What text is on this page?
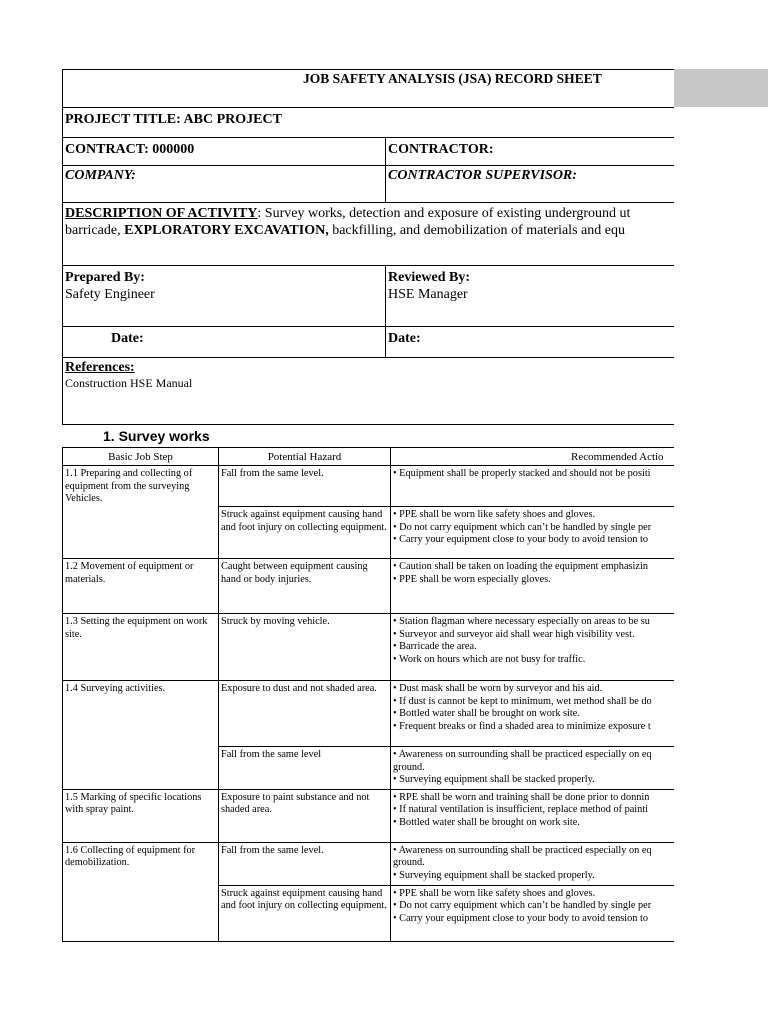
JOB SAFETY ANALYSIS (JSA) RECORD SHEET
PROJECT TITLE: ABC PROJECT
CONTRACT: 000000	CONTRACTOR:
COMPANY:	CONTRACTOR SUPERVISOR:
DESCRIPTION OF ACTIVITY: Survey works, detection and exposure of existing underground ut
barricade, EXPLORATORY EXCAVATION, backfilling, and demobilization of materials and equ
Prepared By:
Safety Engineer
Reviewed By:
HSE Manager
Date:	Date:
References:
Construction HSE Manual
1. Survey works
Basic Job Step	Potential Hazard	Recommended Actio
1.1 Preparing and collecting of equipment from the surveying Vehicles.	Fall from the same level.	• Equipment shall be properly stacked and should not be positi

	Struck against equipment causing hand and foot injury on collecting equipment.	• PPE shall be worn like safety shoes and gloves.
• Do not carry equipment which can’t be handled by single per
• Carry your equipment close to your body to avoid tension to

1.2 Movement of equipment or materials.	Caught between equipment causing hand or body injuries.	• Caution shall be taken on loading the equipment emphasizin
• PPE shall be worn especially gloves.

1.3 Setting the equipment on work site.	Struck by moving vehicle.	• Station flagman where necessary especially on areas to be su
• Surveyor and surveyor aid shall wear high visibility vest.
• Barricade the area.
• Work on hours which are not busy for traffic.

1.4 Surveying activities.	Exposure to dust and not shaded area.	• Dust mask shall be worn by surveyor and his aid.
• If dust is cannot be kept to minimum, wet method shall be do
• Bottled water shall be brought on work site.
• Frequent breaks or find a shaded area to minimize exposure t

	Fall from the same level	• Awareness on surrounding shall be practiced especially on eq
ground.
• Surveying equipment shall be stacked properly.

1.5 Marking of specific locations with spray paint.	Exposure to paint substance and not shaded area.	• RPE shall be worn and training shall be done prior to donnin
• If natural ventilation is insufficient, replace method of painti
• Bottled water shall be brought on work site.

1.6 Collecting of equipment for demobilization.	Fall from the same level.	• Awareness on surrounding shall be practiced especially on eq
ground.
• Surveying equipment shall be stacked properly.

	Struck against equipment causing hand and foot injury on collecting equipment.	• PPE shall be worn like safety shoes and gloves.
• Do not carry equipment which can’t be handled by single per
• Carry your equipment close to your body to avoid tension to
